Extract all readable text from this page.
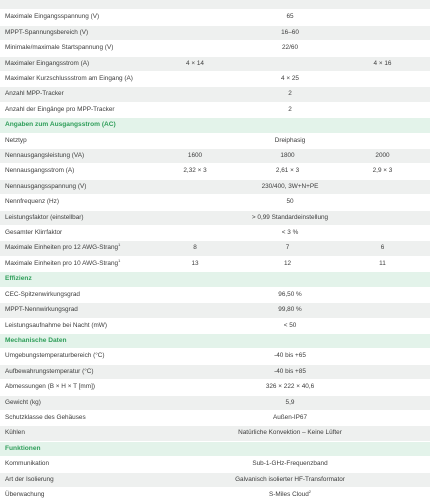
Maximale Eingangsspannung (V)	65		
MPPT-Spannungsbereich (V)	16–60		
Minimale/maximale Startspannung (V)	22/60		
Maximaler Eingangsstrom (A)	4 × 14		4 × 16
Maximaler Kurzschlussstrom am Eingang (A)	4 × 25		
Anzahl MPP-Tracker	2		
Anzahl der Eingänge pro MPP-Tracker	2		
Angaben zum Ausgangsstrom (AC)			
Netztyp	Dreiphasig		
Nennausgangsleistung (VA)	1600	1800	2000
Nennausgangsstrom (A)	2,32 × 3	2,61 × 3	2,9 × 3
Nennausgangsspannung (V)	230/400, 3W+N+PE		
Nennfrequenz (Hz)	50		
Leistungsfaktor (einstellbar)	> 0,99 Standardeinstellung		
Gesamter Klirrfaktor	< 3 %		
Maximale Einheiten pro 12 AWG-Strang$^1$	8	7	6
Maximale Einheiten pro 10 AWG-Strang$^1$	13	12	11
Effizienz			
CEC-Spitzenwirkungsgrad	96,50 %		
MPPT-Nennwirkungsgrad	99,80 %		
Leistungsaufnahme bei Nacht (mW)	< 50		
Mechanische Daten			
Umgebungstemperaturbereich (°C)	-40 bis +65		
Aufbewahrungstemperatur (°C)	-40 bis +85		
Abmessungen (B × H × T [mm])	326 × 222 × 40,6		
Gewicht (kg)	5,9		
Schutzklasse des Gehäuses	Außen-IP67		
Kühlen	Natürliche Konvektion – Keine Lüfter		
Funktionen			
Kommunikation	Sub-1-GHz-Frequenzband		
Art der Isolierung	Galvanisch isolierter HF-Transformator		
Überwachung	S-Miles Cloud$^2$
